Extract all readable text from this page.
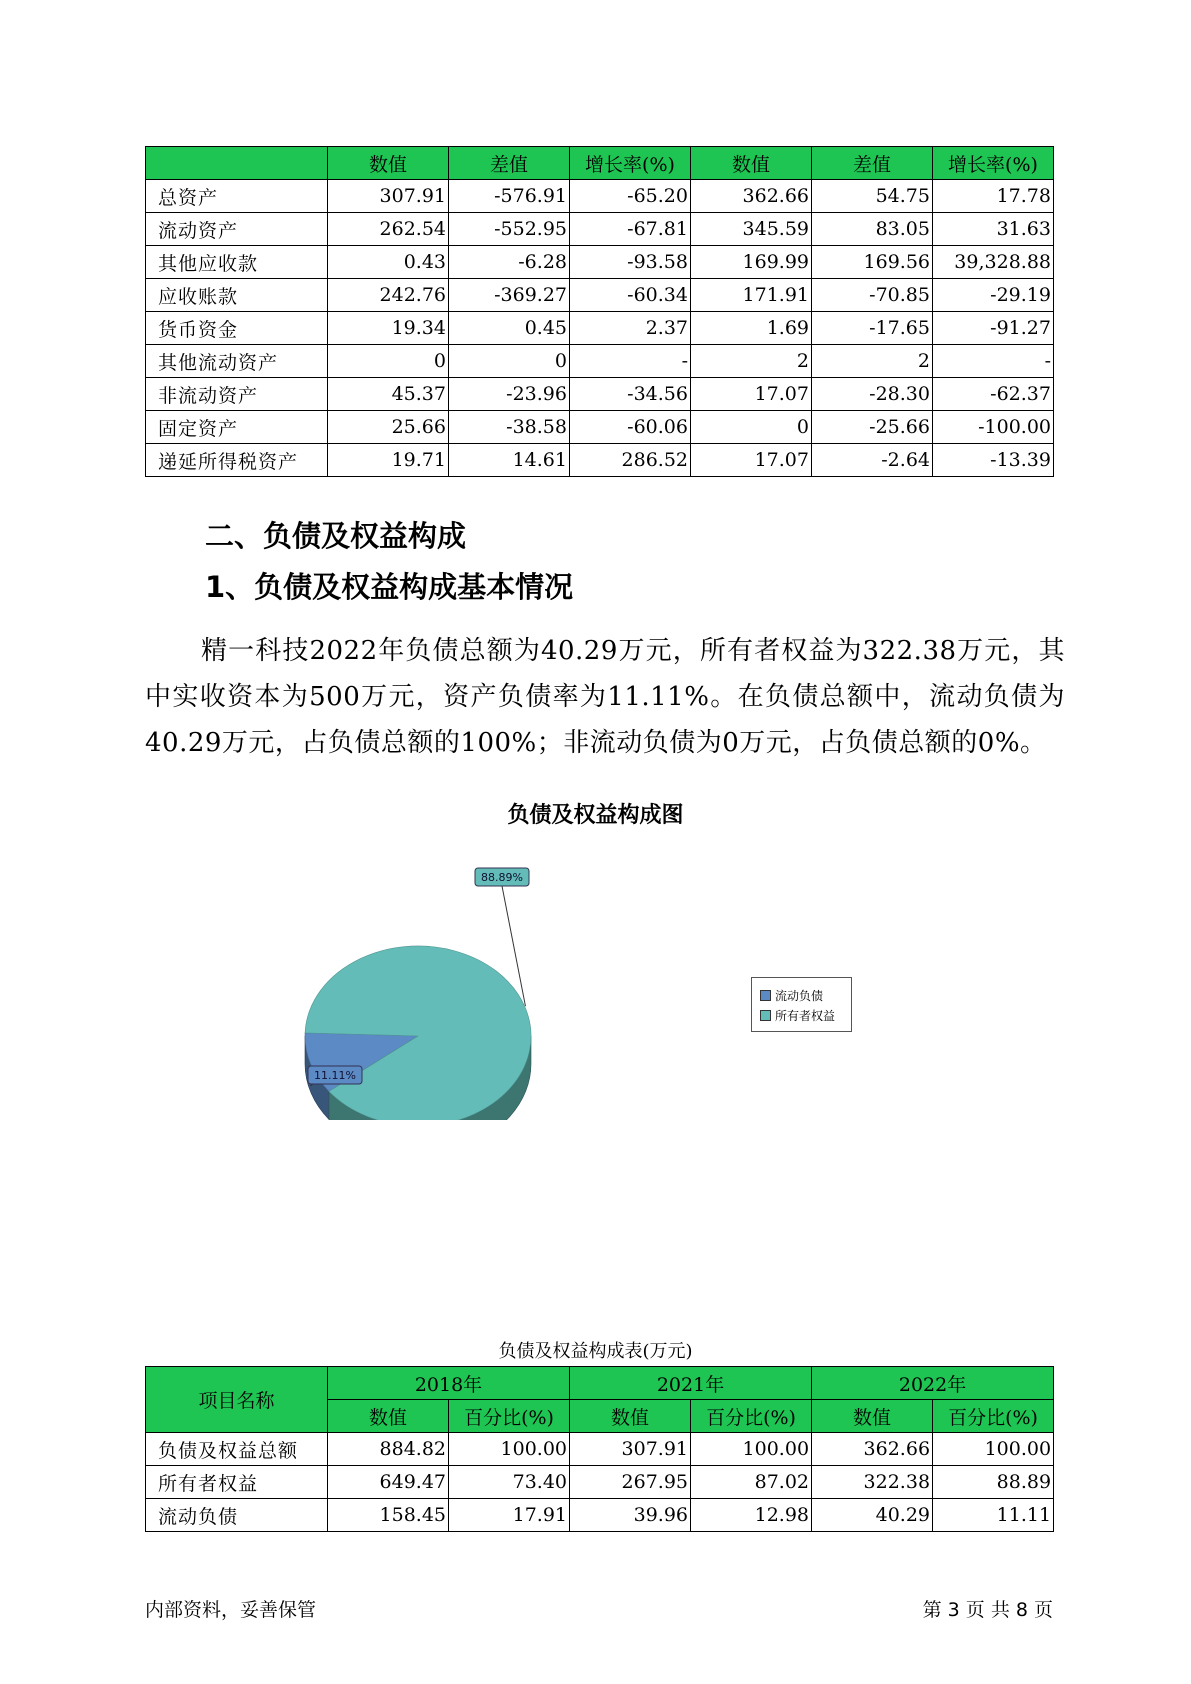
	数值	差值	增长率(%)	数值	差值	增长率(%)
总资产	307.91	-576.91	-65.20	362.66	54.75	17.78
流动资产	262.54	-552.95	-67.81	345.59	83.05	31.63
其他应收款	0.43	-6.28	-93.58	169.99	169.56	39,328.88
应收账款	242.76	-369.27	-60.34	171.91	-70.85	-29.19
货币资金	19.34	0.45	2.37	1.69	-17.65	-91.27
其他流动资产	0	0	-	2	2	-
非流动资产	45.37	-23.96	-34.56	17.07	-28.30	-62.37
固定资产	25.66	-38.58	-60.06	0	-25.66	-100.00
递延所得税资产	19.71	14.61	286.52	17.07	-2.64	-13.39
二、负债及权益构成
1、负债及权益构成基本情况
精一科技2022年负债总额为40.29万元，所有者权益为322.38万元，其中实收资本为500万元，资产负债率为11.11%。在负债总额中，流动负债为40.29万元，占负债总额的100%；非流动负债为0万元，占负债总额的0%。
负债及权益构成图
11.11%
88.89%
流动负债
所有者权益
负债及权益构成表(万元)
项目名称	2018年		2021年		2022年	
	数值	百分比(%)	数值	百分比(%)	数值	百分比(%)
负债及权益总额	884.82	100.00	307.91	100.00	362.66	100.00
所有者权益	649.47	73.40	267.95	87.02	322.38	88.89
流动负债	158.45	17.91	39.96	12.98	40.29	11.11
内部资料，妥善保管	第 3 页 共 8 页
